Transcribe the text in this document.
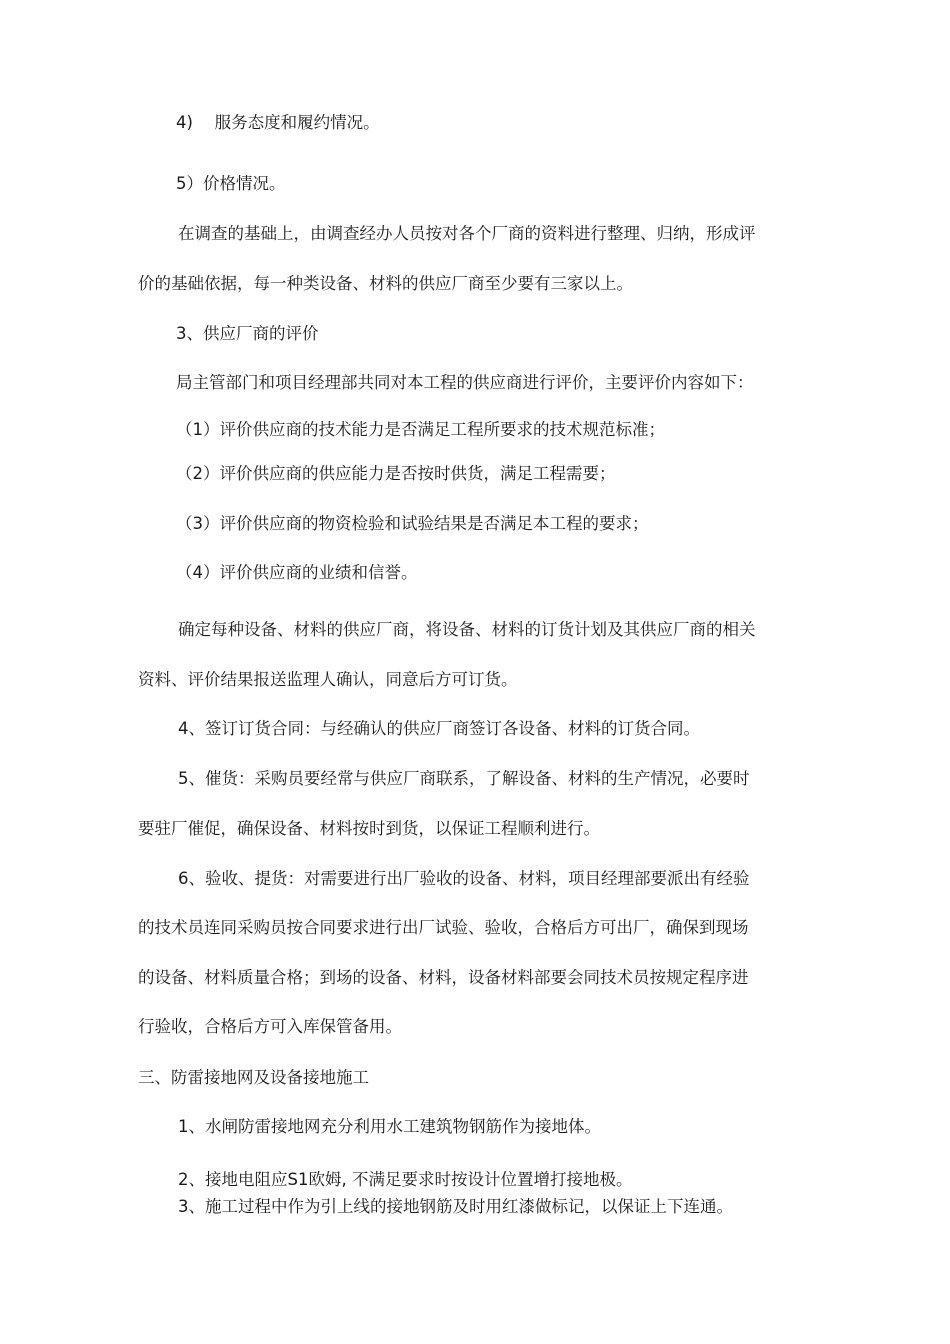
4)　 服务态度和履约情况。

5）价格情况。

在调查的基础上，由调查经办人员按对各个厂商的资料进行整理、归纳，形成评

价的基础依据，每一种类设备、材料的供应厂商至少要有三家以上。

3、供应厂商的评价

局主管部门和项目经理部共同对本工程的供应商进行评价，主要评价内容如下：

（1）评价供应商的技术能力是否满足工程所要求的技术规范标准；

（2）评价供应商的供应能力是否按时供货，满足工程需要；

（3）评价供应商的物资检验和试验结果是否满足本工程的要求；

（4）评价供应商的业绩和信誉。

确定每种设备、材料的供应厂商，将设备、材料的订货计划及其供应厂商的相关

资料、评价结果报送监理人确认，同意后方可订货。

4、签订订货合同：与经确认的供应厂商签订各设备、材料的订货合同。

5、催货：采购员要经常与供应厂商联系，了解设备、材料的生产情况，必要时

要驻厂催促，确保设备、材料按时到货，以保证工程顺利进行。

6、验收、提货：对需要进行出厂验收的设备、材料，项目经理部要派出有经验

的技术员连同采购员按合同要求进行出厂试验、验收，合格后方可出厂，确保到现场

的设备、材料质量合格；到场的设备、材料，设备材料部要会同技术员按规定程序进

行验收，合格后方可入库保管备用。

三、防雷接地网及设备接地施工

1、水闸防雷接地网充分利用水工建筑物钢筋作为接地体。

2、接地电阻应S1欧姆, 不满足要求时按设计位置增打接地极。

3、施工过程中作为引上线的接地钢筋及时用红漆做标记，以保证上下连通。
